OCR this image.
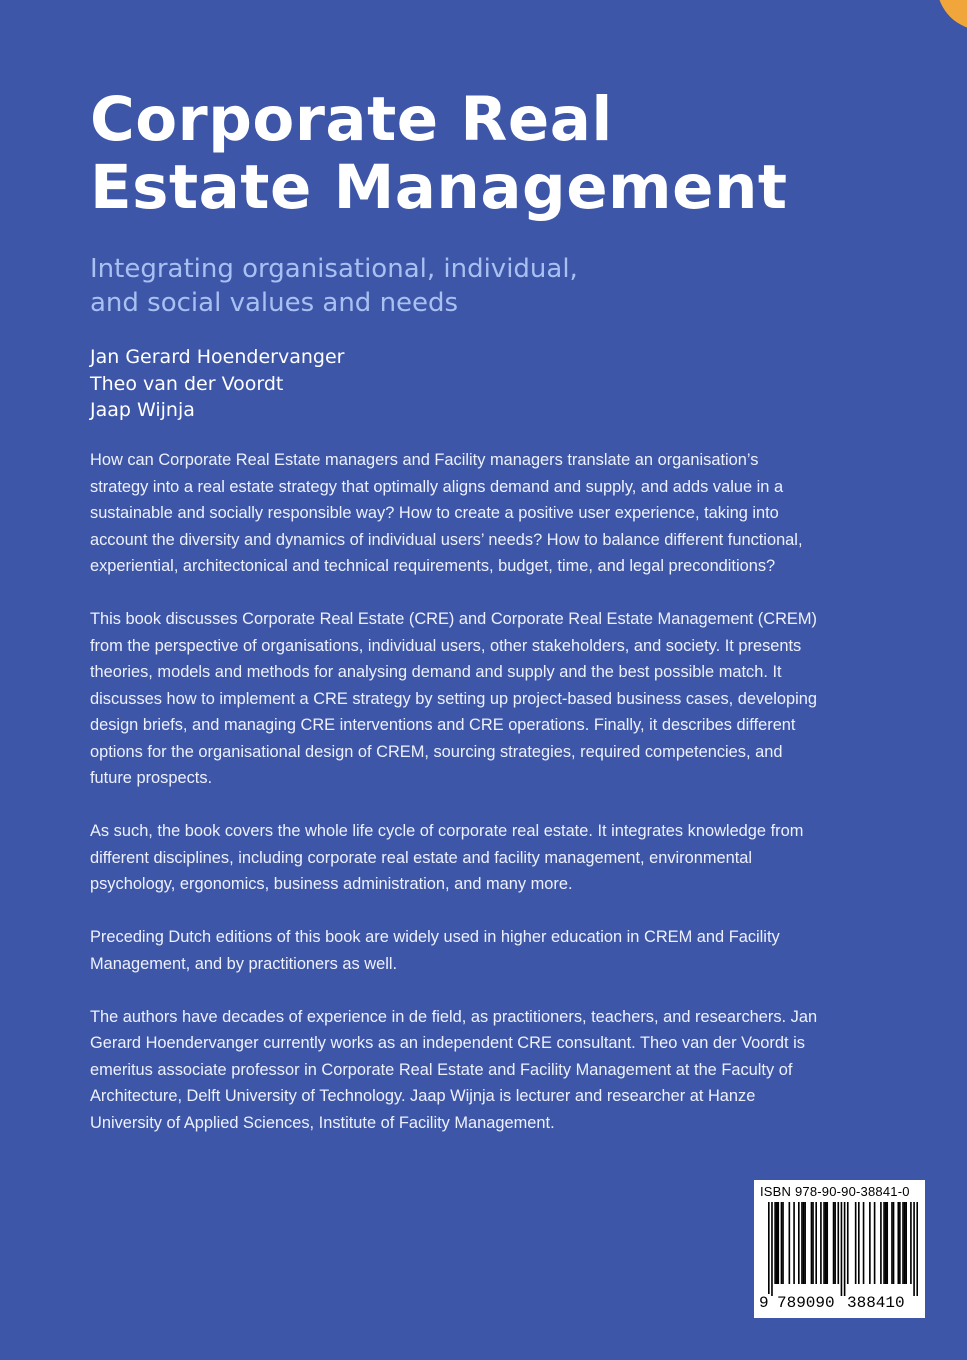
Corporate Real
Estate Management
Integrating organisational, individual,
and social values and needs
Jan Gerard Hoendervanger
Theo van der Voordt
Jaap Wijnja

How can Corporate Real Estate managers and Facility managers translate an organisation’s strategy into a real estate strategy that optimally aligns demand and supply, and adds value in a sustainable and socially responsible way? How to create a positive user experience, taking into account the diversity and dynamics of individual users’ needs? How to balance different functional, experiential, architectonical and technical requirements, budget, time, and legal preconditions?

This book discusses Corporate Real Estate (CRE) and Corporate Real Estate Management (CREM) from the perspective of organisations, individual users, other stakeholders, and society. It presents theories, models and methods for analysing demand and supply and the best possible match. It discusses how to implement a CRE strategy by setting up project-based business cases, developing design briefs, and managing CRE interventions and CRE operations. Finally, it describes different options for the organisational design of CREM, sourcing strategies, required competencies, and future prospects.

As such, the book covers the whole life cycle of corporate real estate. It integrates knowledge from different disciplines, including corporate real estate and facility management, environmental psychology, ergonomics, business administration, and many more.

Preceding Dutch editions of this book are widely used in higher education in CREM and Facility Management, and by practitioners as well.

The authors have decades of experience in de field, as practitioners, teachers, and researchers. Jan Gerard Hoendervanger currently works as an independent CRE consultant. Theo van der Voordt is emeritus associate professor in Corporate Real Estate and Facility Management at the Faculty of Architecture, Delft University of Technology. Jaap Wijnja is lecturer and researcher at Hanze University of Applied Sciences, Institute of Facility Management.

ISBN 978-90-90-38841-0
9 789090 388410
